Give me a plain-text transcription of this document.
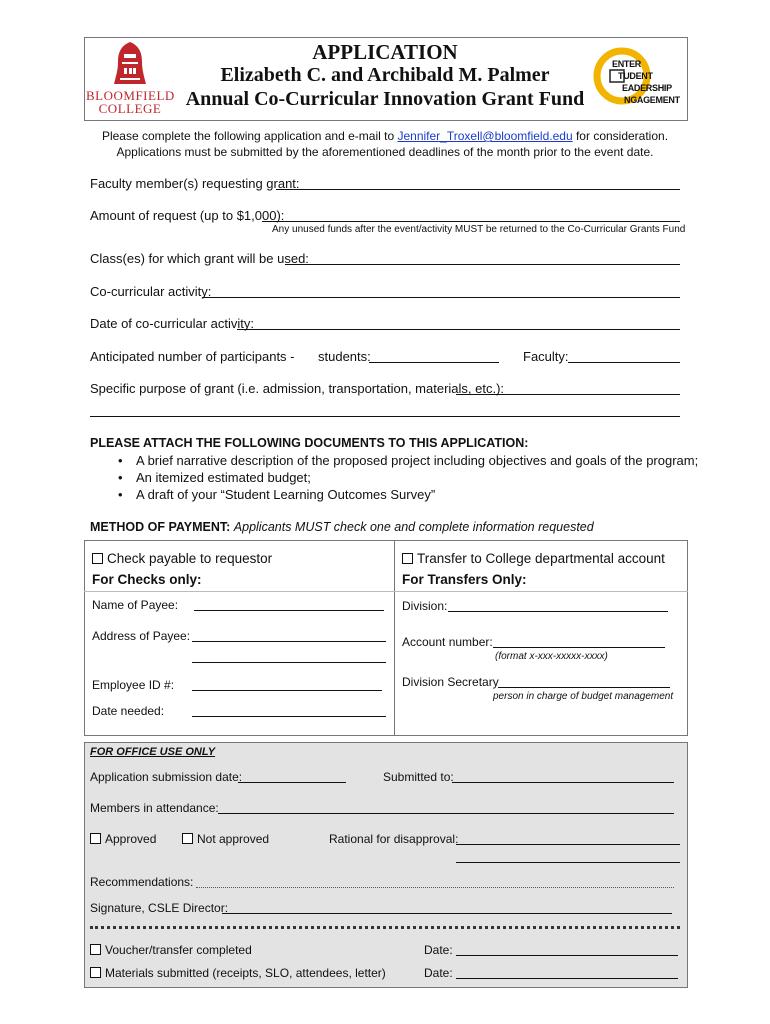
BLOOMFIELD
COLLEGE
ENTER
TUDENT
EADERSHIP
NGAGEMENT
APPLICATION
Elizabeth C. and Archibald M. Palmer
Annual Co-Curricular Innovation Grant Fund
Please complete the following application and e-mail to Jennifer_Troxell@bloomfield.edu for consideration. Applications must be submitted by the aforementioned deadlines of the month prior to the event date.
Faculty member(s) requesting grant:
Amount of request (up to $1,000):
Any unused funds after the event/activity MUST be returned to the Co-Curricular Grants Fund
Class(es) for which grant will be used:
Co-curricular activity:
Date of co-curricular activity:
Anticipated number of participants - students:	Faculty:
Specific purpose of grant (i.e. admission, transportation, materials, etc.):
PLEASE ATTACH THE FOLLOWING DOCUMENTS TO THIS APPLICATION:
• A brief narrative description of the proposed project including objectives and goals of the program;
• An itemized estimated budget;
• A draft of your “Student Learning Outcomes Survey”
METHOD OF PAYMENT: Applicants MUST check one and complete information requested
Check payable to requestor
For Checks only:
Name of Payee:
Address of Payee:
Employee ID #:
Date needed:
Transfer to College departmental account
For Transfers Only:
Division:
Account number:
(format x-xxx-xxxxx-xxxx)
Division Secretary
person in charge of budget management
FOR OFFICE USE ONLY
Application submission date:	Submitted to:
Members in attendance:
Approved	Not approved	Rational for disapproval:
Recommendations:
Signature, CSLE Director:
Voucher/transfer completed	Date:
Materials submitted (receipts, SLO, attendees, letter)	Date:
